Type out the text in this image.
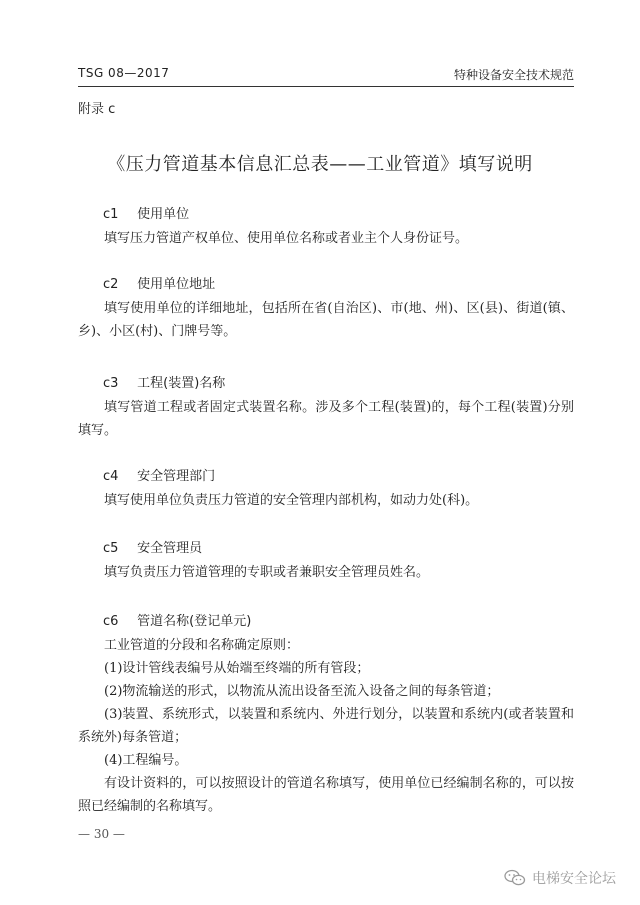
TSG 08—2017	特种设备安全技术规范
附录 c
《压力管道基本信息汇总表——工业管道》填写说明
c1 使用单位
填写压力管道产权单位、使用单位名称或者业主个人身份证号。
c2 使用单位地址
填写使用单位的详细地址，包括所在省(自治区)、市(地、州)、区(县)、街道(镇、乡)、小区(村)、门牌号等。
c3 工程(装置)名称
填写管道工程或者固定式装置名称。涉及多个工程(装置)的，每个工程(装置)分别填写。
c4 安全管理部门
填写使用单位负责压力管道的安全管理内部机构，如动力处(科)。
c5 安全管理员
填写负责压力管道管理的专职或者兼职安全管理员姓名。
c6 管道名称(登记单元)
工业管道的分段和名称确定原则：
(1)设计管线表编号从始端至终端的所有管段；
(2)物流输送的形式，以物流从流出设备至流入设备之间的每条管道；
(3)装置、系统形式，以装置和系统内、外进行划分，以装置和系统内(或者装置和系统外)每条管道；
(4)工程编号。
有设计资料的，可以按照设计的管道名称填写，使用单位已经编制名称的，可以按照已经编制的名称填写。
— 30 —
电梯安全论坛
